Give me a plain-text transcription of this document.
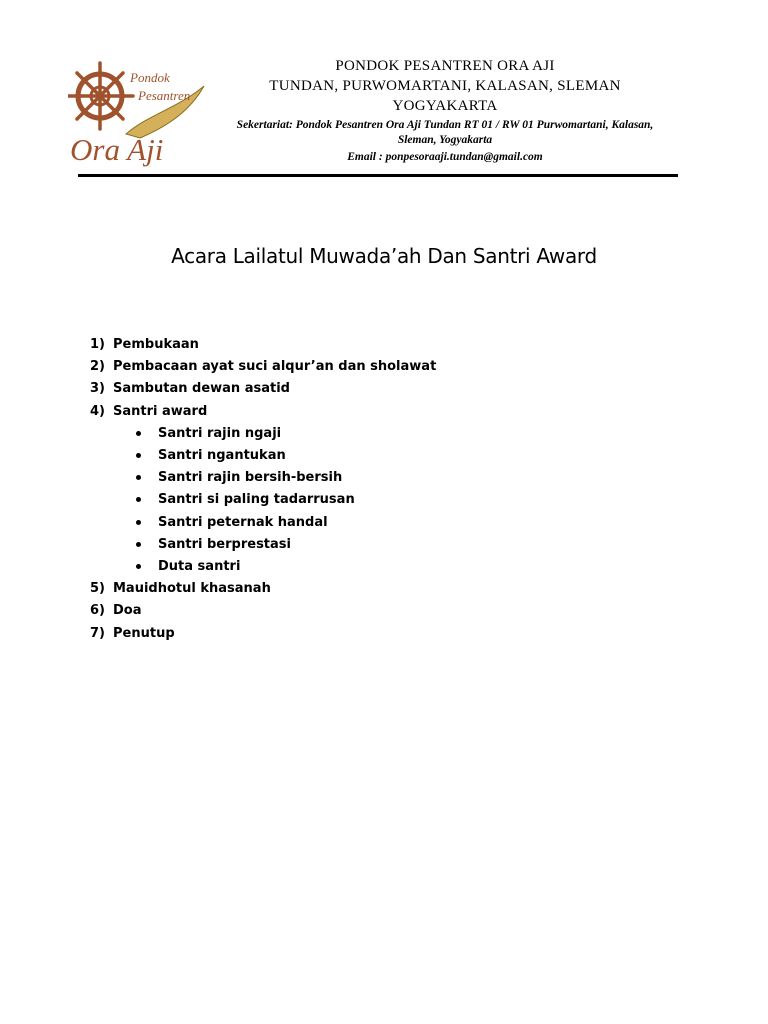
Pondok
Pesantren
Ora Aji
PONDOK PESANTREN ORA AJI
TUNDAN, PURWOMARTANI, KALASAN, SLEMAN
YOGYAKARTA
Sekertariat: Pondok Pesantren Ora Aji Tundan RT 01 / RW 01 Purwomartani, Kalasan,
Sleman, Yogyakarta
Email : ponpesoraaji.tundan@gmail.com
Acara Lailatul Muwada’ah Dan Santri Award
1) Pembukaan
2) Pembacaan ayat suci alqur’an dan sholawat
3) Sambutan dewan asatid
4) Santri award
Santri rajin ngaji
Santri ngantukan
Santri rajin bersih-bersih
Santri si paling tadarrusan
Santri peternak handal
Santri berprestasi
Duta santri
5) Mauidhotul khasanah
6) Doa
7) Penutup
